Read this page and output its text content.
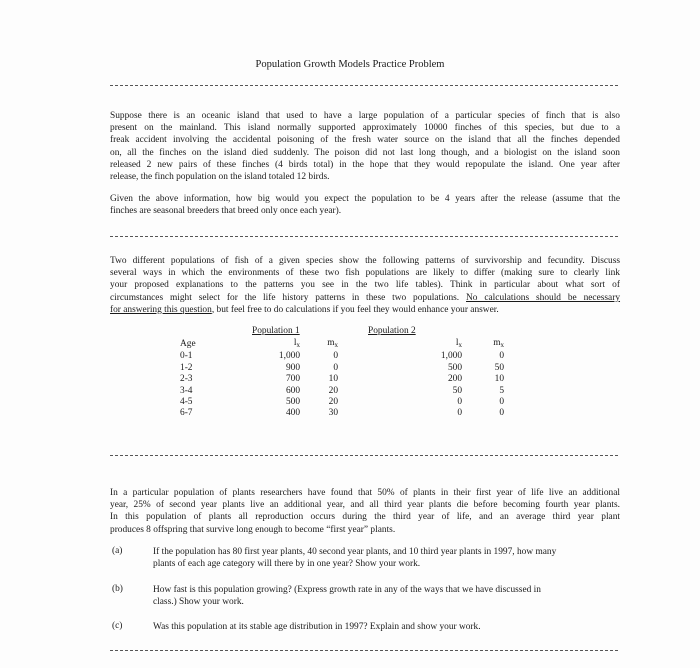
Population Growth Models Practice Problem
Suppose there is an oceanic island that used to have a large population of a particular species of finch that is also
present on the mainland. This island normally supported approximately 10000 finches of this species, but due to a
freak accident involving the accidental poisoning of the fresh water source on the island that all the finches depended
on, all the finches on the island died suddenly. The poison did not last long though, and a biologist on the island soon
released 2 new pairs of these finches (4 birds total) in the hope that they would repopulate the island. One year after
release, the finch population on the island totaled 12 birds.
Given the above information, how big would you expect the population to be 4 years after the release (assume that the
finches are seasonal breeders that breed only once each year).
Two different populations of fish of a given species show the following patterns of survivorship and fecundity. Discuss
several ways in which the environments of these two fish populations are likely to differ (making sure to clearly link
your proposed explanations to the patterns you see in the two life tables). Think in particular about what sort of
circumstances might select for the life history patterns in these two populations. No calculations should be necessary
for answering this question, but feel free to do calculations if you feel they would enhance your answer.
Population 1	Population 2
Age	$l_x$	$m_x$		$l_x$	$m_x$
0-1	1,000	0		1,000	0
1-2	900	0		500	50
2-3	700	10		200	10
3-4	600	20		50	5
4-5	500	20		0	0
6-7	400	30		0	0
In a particular population of plants researchers have found that 50% of plants in their first year of life live an additional
year, 25% of second year plants live an additional year, and all third year plants die before becoming fourth year plants.
In this population of plants all reproduction occurs during the third year of life, and an average third year plant
produces 8 offspring that survive long enough to become “first year” plants.
(a)	If the population has 80 first year plants, 40 second year plants, and 10 third year plants in 1997, how many
plants of each age category will there by in one year? Show your work.
(b)	How fast is this population growing? (Express growth rate in any of the ways that we have discussed in
class.) Show your work.
(c)	Was this population at its stable age distribution in 1997? Explain and show your work.
